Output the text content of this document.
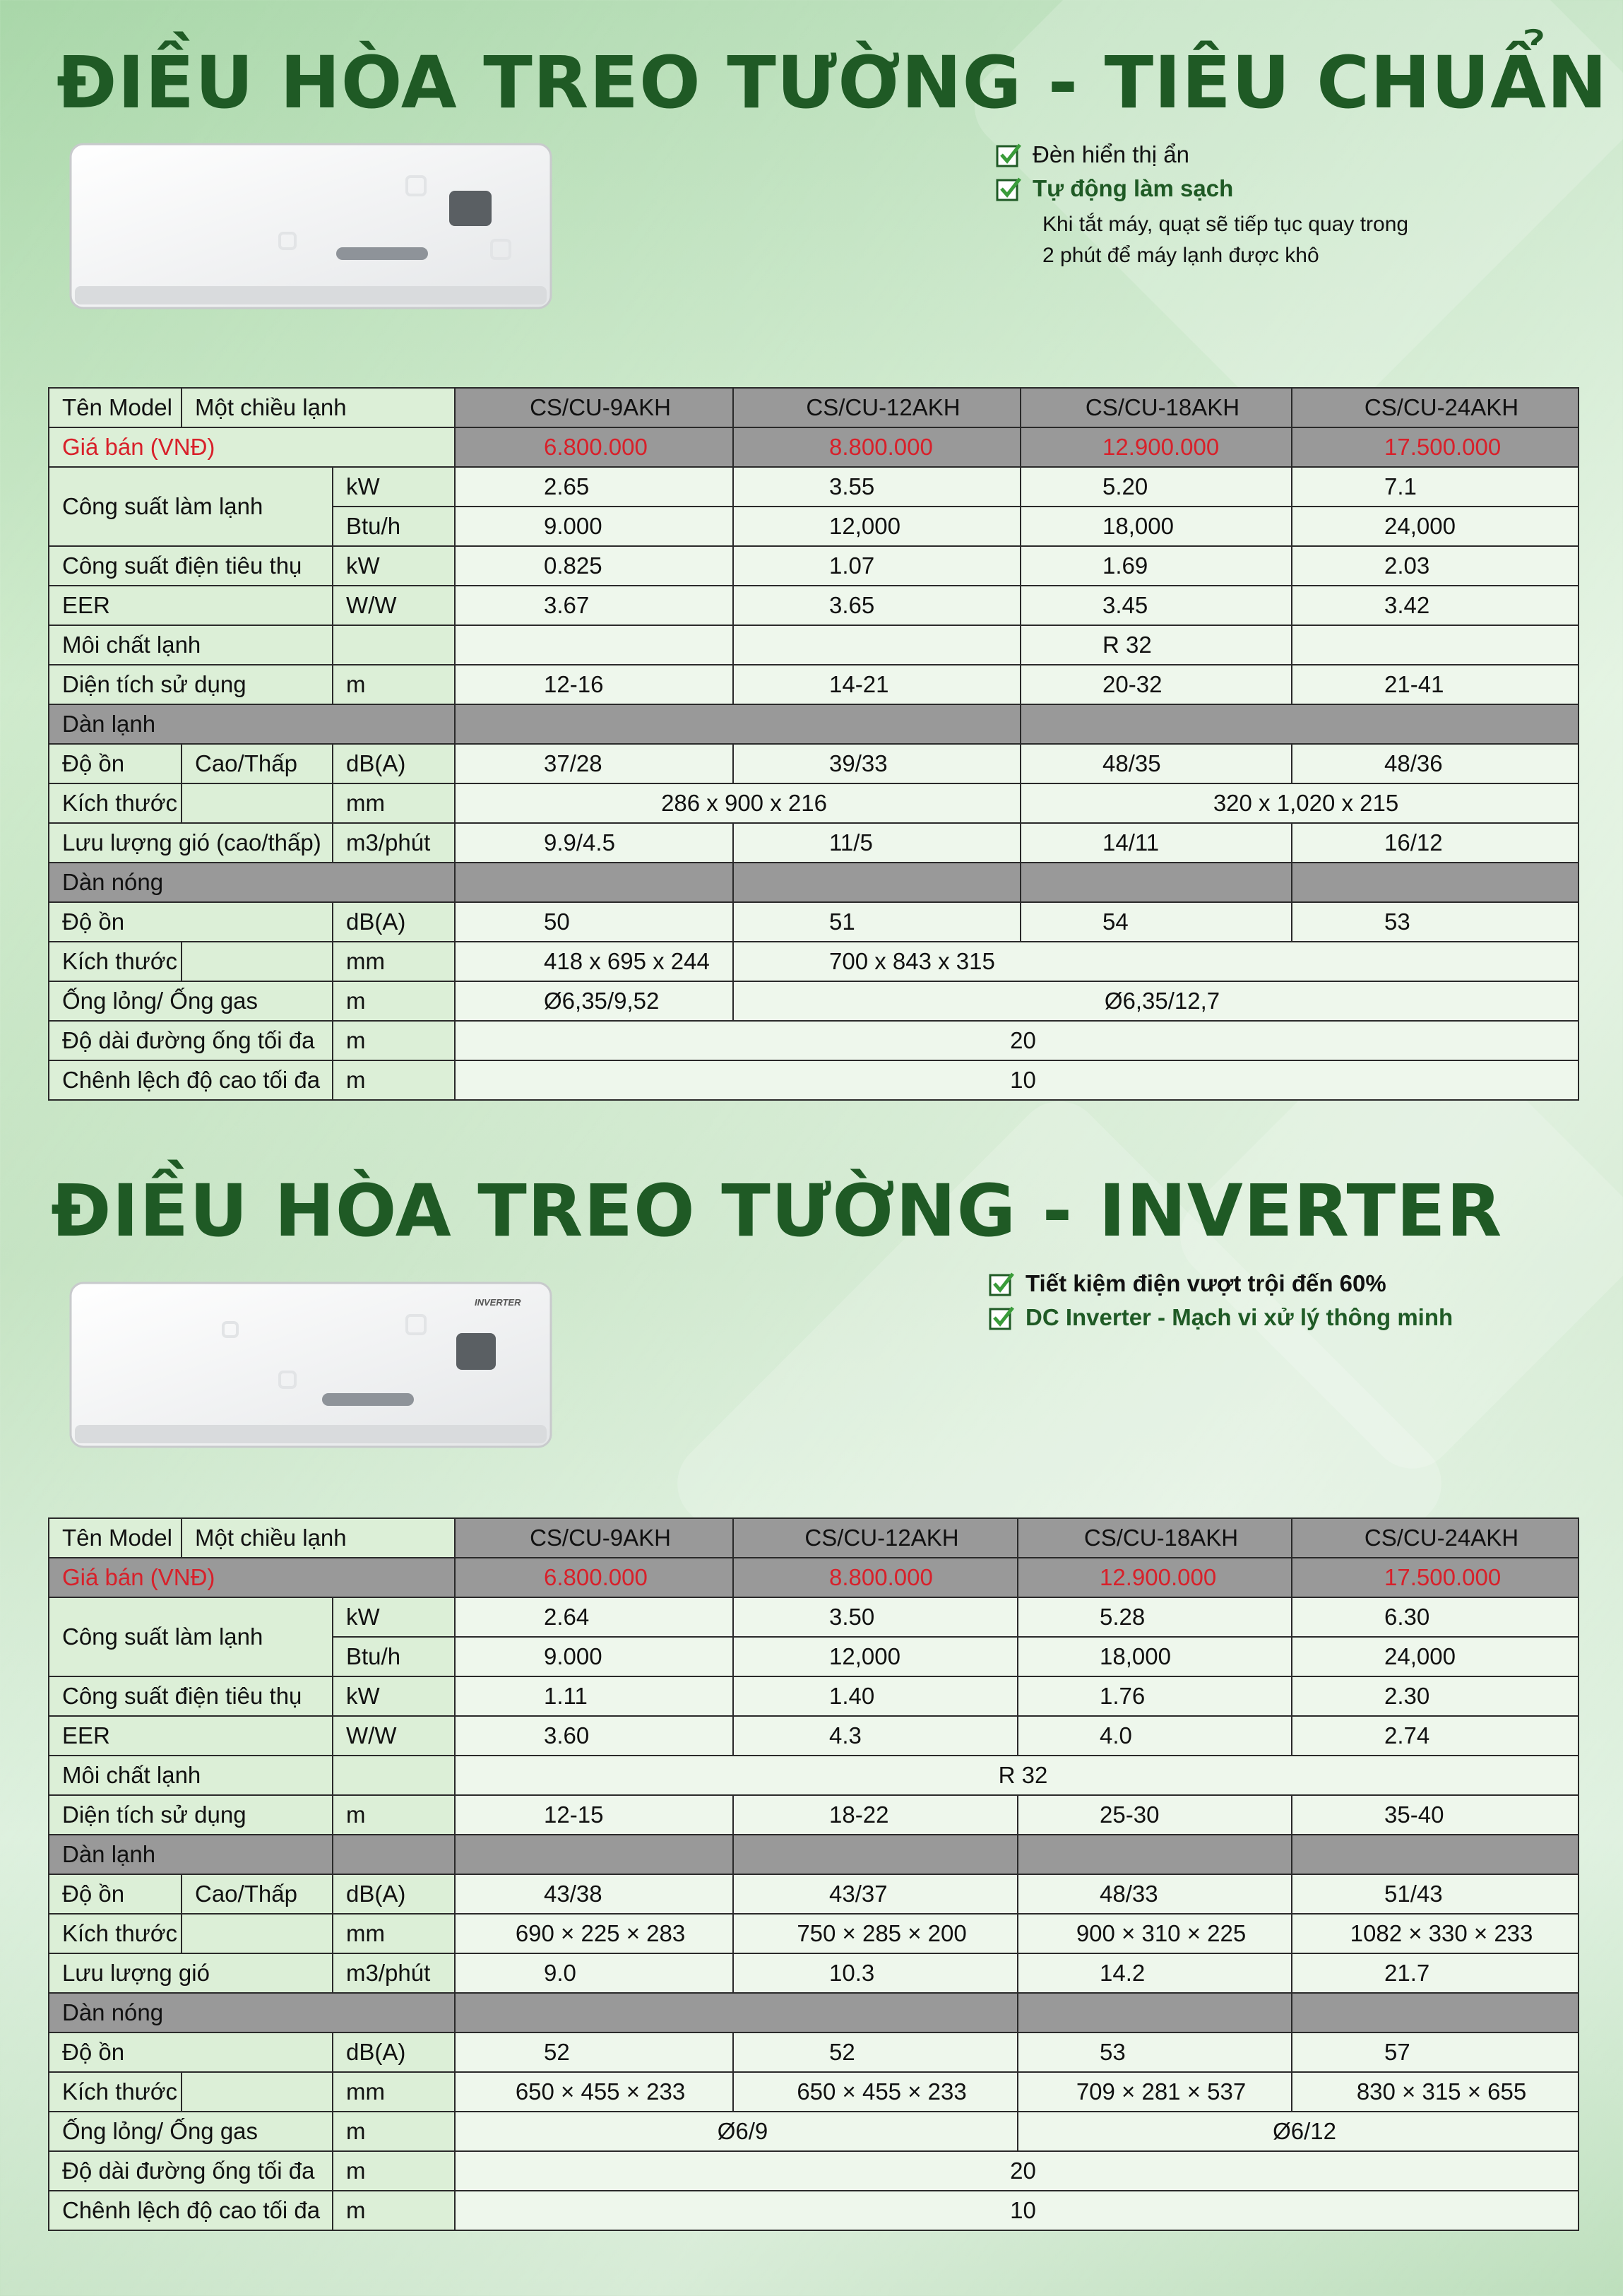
ĐIỀU HÒA TREO TƯỜNG - TIÊU CHUẨN
Đèn hiển thị ẩn
Tự động làm sạch
Khi tắt máy, quạt sẽ tiếp tục quay trong
2 phút để máy lạnh được khô
Tên Model	Một chiều lạnh		CS/CU-9AKH	CS/CU-12AKH	CS/CU-18AKH	CS/CU-24AKH
Giá bán (VNĐ)			6.800.000	8.800.000	12.900.000	17.500.000
Công suất làm lạnh		kW	2.65	3.55	5.20	7.1
		Btu/h	9.000	12,000	18,000	24,000
Công suất điện tiêu thụ		kW	0.825	1.07	1.69	2.03
EER		W/W	3.67	3.65	3.45	3.42
Môi chất lạnh					R 32	
Diện tích sử dụng		m	12-16	14-21	20-32	21-41
Dàn lạnh						
Độ ồn	Cao/Thấp	dB(A)	37/28	39/33	48/35	48/36
Kích thước		mm	286 x 900 x 216		320 x 1,020 x 215	
Lưu lượng gió (cao/thấp)		m3/phút	9.9/4.5	11/5	14/11	16/12
Dàn nóng						
Độ ồn		dB(A)	50	51	54	53
Kích thước		mm	418 x 695 x 244	700 x 843 x 315		
Ống lỏng/ Ống gas		m	Ø6,35/9,52	Ø6,35/12,7		
Độ dài đường ống tối đa		m	20			
Chênh lệch độ cao tối đa		m	10			
ĐIỀU HÒA TREO TƯỜNG - INVERTER
INVERTER
Tiết kiệm điện vượt trội đến 60%
DC Inverter - Mạch vi xử lý thông minh
Tên Model	Một chiều lạnh		CS/CU-9AKH	CS/CU-12AKH	CS/CU-18AKH	CS/CU-24AKH
Giá bán (VNĐ)			6.800.000	8.800.000	12.900.000	17.500.000
Công suất làm lạnh		kW	2.64	3.50	5.28	6.30
		Btu/h	9.000	12,000	18,000	24,000
Công suất điện tiêu thụ		kW	1.11	1.40	1.76	2.30
EER		W/W	3.60	4.3	4.0	2.74
Môi chất lạnh			R 32			
Diện tích sử dụng		m	12-15	18-22	25-30	35-40
Dàn lạnh						
Độ ồn	Cao/Thấp	dB(A)	43/38	43/37	48/33	51/43
Kích thước		mm	690 × 225 × 283	750 × 285 × 200	900 × 310 × 225	1082 × 330 × 233
Lưu lượng gió		m3/phút	9.0	10.3	14.2	21.7
Dàn nóng						
Độ ồn		dB(A)	52	52	53	57
Kích thước		mm	650 × 455 × 233	650 × 455 × 233	709 × 281 × 537	830 × 315 × 655
Ống lỏng/ Ống gas		m	Ø6/9		Ø6/12	
Độ dài đường ống tối đa		m	20			
Chênh lệch độ cao tối đa		m	10			
